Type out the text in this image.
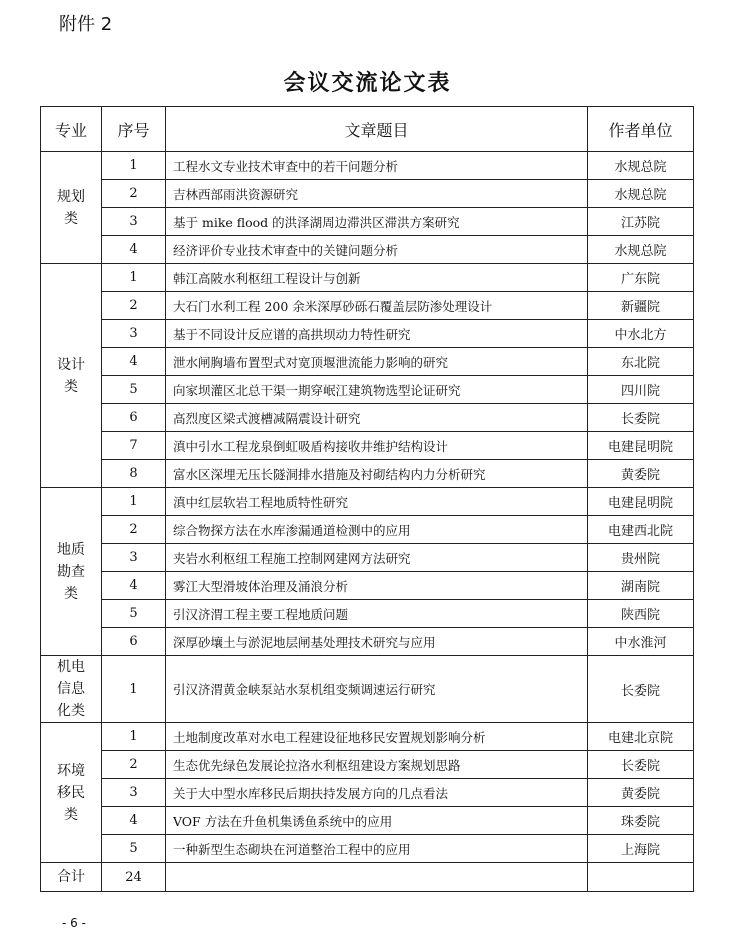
附件 2
会议交流论文表
专业	序号	文章题目	作者单位
规划类	1	工程水文专业技术审查中的若干问题分析	水规总院
	2	吉林西部雨洪资源研究	水规总院
	3	基于 mike flood 的洪泽湖周边滞洪区滞洪方案研究	江苏院
	4	经济评价专业技术审查中的关键问题分析	水规总院
设计类	1	韩江高陂水利枢纽工程设计与创新	广东院
	2	大石门水利工程 200 余米深厚砂砾石覆盖层防渗处理设计	新疆院
	3	基于不同设计反应谱的高拱坝动力特性研究	中水北方
	4	泄水闸胸墙布置型式对宽顶堰泄流能力影响的研究	东北院
	5	向家坝灌区北总干渠一期穿岷江建筑物选型论证研究	四川院
	6	高烈度区梁式渡槽减隔震设计研究	长委院
	7	滇中引水工程龙泉倒虹吸盾构接收井维护结构设计	电建昆明院
	8	富水区深埋无压长隧洞排水措施及衬砌结构内力分析研究	黄委院
地质勘查类	1	滇中红层软岩工程地质特性研究	电建昆明院
	2	综合物探方法在水库渗漏通道检测中的应用	电建西北院
	3	夹岩水利枢纽工程施工控制网建网方法研究	贵州院
	4	雾江大型滑坡体治理及涌浪分析	湖南院
	5	引汉济渭工程主要工程地质问题	陕西院
	6	深厚砂壤土与淤泥地层闸基处理技术研究与应用	中水淮河
机电信息化类	1	引汉济渭黄金峡泵站水泵机组变频调速运行研究	长委院
环境移民类	1	土地制度改革对水电工程建设征地移民安置规划影响分析	电建北京院
	2	生态优先绿色发展论拉洛水利枢纽建设方案规划思路	长委院
	3	关于大中型水库移民后期扶持发展方向的几点看法	黄委院
	4	VOF 方法在升鱼机集诱鱼系统中的应用	珠委院
	5	一种新型生态砌块在河道整治工程中的应用	上海院
合计	24		
- 6 -
